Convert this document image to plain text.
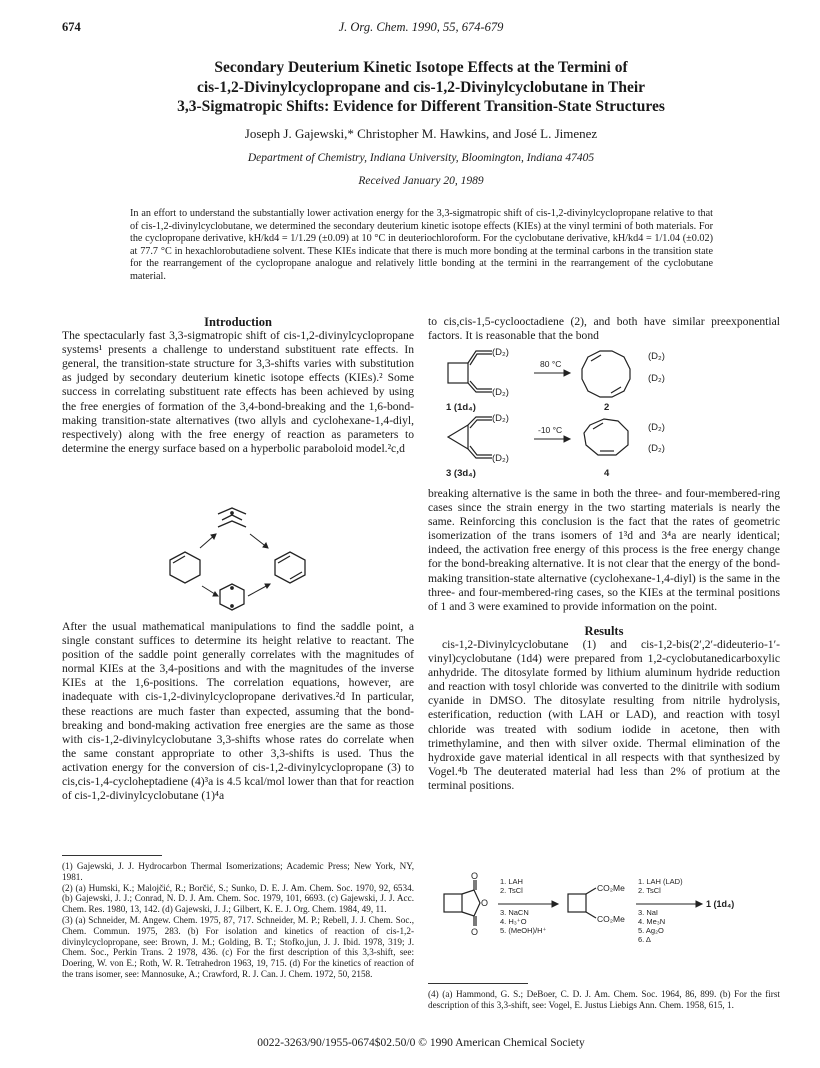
674	J. Org. Chem. 1990, 55, 674-679
Secondary Deuterium Kinetic Isotope Effects at the Termini of
cis-1,2-Divinylcyclopropane and cis-1,2-Divinylcyclobutane in Their
3,3-Sigmatropic Shifts: Evidence for Different Transition-State Structures
Joseph J. Gajewski,* Christopher M. Hawkins, and José L. Jimenez
Department of Chemistry, Indiana University, Bloomington, Indiana 47405
Received January 20, 1989

In an effort to understand the substantially lower activation energy for the 3,3-sigmatropic shift of cis-1,2-divinylcyclopropane relative to that of cis-1,2-divinylcyclobutane, we determined the secondary deuterium kinetic isotope effects (KIEs) at the vinyl termini of both materials. For the cyclopropane derivative, kH/kd4 = 1/1.29 (±0.09) at 10 °C in deuteriochloroform. For the cyclobutane derivative, kH/kd4 = 1/1.04 (±0.02) at 77.7 °C in hexachlorobutadiene solvent. These KIEs indicate that there is much more bonding at the terminal carbons in the transition state for the rearrangement of the cyclopropane analogue and relatively little bonding at the termini in the rearrangement of the cyclobutane material.

Introduction

The spectacularly fast 3,3-sigmatropic shift of cis-1,2-divinylcyclopropane systems¹ presents a challenge to understand substituent rate effects. In general, the transition-state structure for 3,3-shifts varies with substitution as judged by secondary deuterium kinetic isotope effects (KIEs).² Some success in correlating substituent rate effects has been achieved by using the free energies of formation of the 3,4-bond-breaking and the 1,6-bond-making transition-state alternatives (two allyls and cyclohexane-1,4-diyl, respectively) along with the free energy of reaction as parameters to determine the energy surface based on a hyperbolic paraboloid model.²c,d

After the usual mathematical manipulations to find the saddle point, a single constant suffices to determine its height relative to reactant. The position of the saddle point generally correlates with the magnitudes of normal KIEs at the 3,4-positions and with the magnitudes of the inverse KIEs at the 1,6-positions. The correlation equations, however, are inadequate with cis-1,2-divinylcyclopropane derivatives.²d In particular, these reactions are much faster than expected, assuming that the bond-breaking and bond-making activation free energies are the same as those with cis-1,2-divinylcyclobutane 3,3-shifts whose rates do correlate when the same constant appropriate to other 3,3-shifts is used. Thus the activation energy for the conversion of cis-1,2-divinylcyclopropane (3) to cis,cis-1,4-cycloheptadiene (4)³a is 4.5 kcal/mol lower than that for reaction of cis-1,2-divinylcyclobutane (1)⁴a

(1) Gajewski, J. J. Hydrocarbon Thermal Isomerizations; Academic Press; New York, NY, 1981.
(2) (a) Humski, K.; Malojčić, R.; Borčić, S.; Sunko, D. E. J. Am. Chem. Soc. 1970, 92, 6534. (b) Gajewski, J. J.; Conrad, N. D. J. Am. Chem. Soc. 1979, 101, 6693. (c) Gajewski, J. J. Acc. Chem. Res. 1980, 13, 142. (d) Gajewski, J. J.; Gilbert, K. E. J. Org. Chem. 1984, 49, 11.
(3) (a) Schneider, M. Angew. Chem. 1975, 87, 717. Schneider, M. P.; Rebell, J. J. Chem. Soc., Chem. Commun. 1975, 283. (b) For isolation and kinetics of reaction of cis-1,2-divinylcyclopropane, see: Brown, J. M.; Golding, B. T.; Stofko,jun, J. J. Ibid. 1978, 319; J. Chem. Soc., Perkin Trans. 2 1978, 436. (c) For the first description of this 3,3-shift, see: Doering, W. von E.; Roth, W. R. Tetrahedron 1963, 19, 715. (d) For the kinetics of reaction of the trans isomer, see: Mannosuke, A.; Crawford, R. J. Can. J. Chem. 1972, 50, 2158.

to cis,cis-1,5-cyclooctadiene (2), and both have similar preexponential factors. It is reasonable that the bond

(D₂)
(D₂)
80 °C
(D₂)
(D₂)
1 (1d₄)	2
(D₂)
(D₂)
-10 °C	(D₂)
(D₂)
3 (3d₄)	4

breaking alternative is the same in both the three- and four-membered-ring cases since the strain energy in the two starting materials is nearly the same. Reinforcing this conclusion is the fact that the rates of geometric isomerization of the trans isomers of 1³d and 3⁴a are nearly identical; indeed, the activation free energy of this process is the free energy change for the bond-breaking alternative. It is not clear that the energy of the bond-making transition-state alternative (cyclohexane-1,4-diyl) is the same in the three- and four-membered-ring cases, so the KIEs at the terminal positions of 1 and 3 were examined to provide information on the point.

Results

cis-1,2-Divinylcyclobutane (1) and cis-1,2-bis(2′,2′-dideuterio-1′-vinyl)cyclobutane (1d4) were prepared from 1,2-cyclobutanedicarboxylic anhydride. The ditosylate formed by lithium aluminum hydride reduction and reaction with tosyl chloride was converted to the dinitrile with sodium cyanide in DMSO. The ditosylate resulting from nitrile hydrolysis, esterification, reduction (with LAH or LAD), and reaction with tosyl chloride was treated with sodium iodide in acetone, then with trimethylamine, and then with silver oxide. Thermal elimination of the hydroxide gave material identical in all respects with that synthesized by Vogel.⁴b The deuterated material had less than 2% of protium at the terminal positions.

O
O
O
1. LAH
2. TsCl
3. NaCN
4. H₃⁺O
5. (MeOH)/H⁺
CO₂Me
CO₂Me
1. LAH (LAD)
2. TsCl
3. NaI
4. Me₃N
5. Ag₂O
6. Δ
1 (1d₄)

(4) (a) Hammond, G. S.; DeBoer, C. D. J. Am. Chem. Soc. 1964, 86, 899. (b) For the first description of this 3,3-shift, see: Vogel, E. Justus Liebigs Ann. Chem. 1958, 615, 1.

0022-3263/90/1955-0674$02.50/0 © 1990 American Chemical Society
